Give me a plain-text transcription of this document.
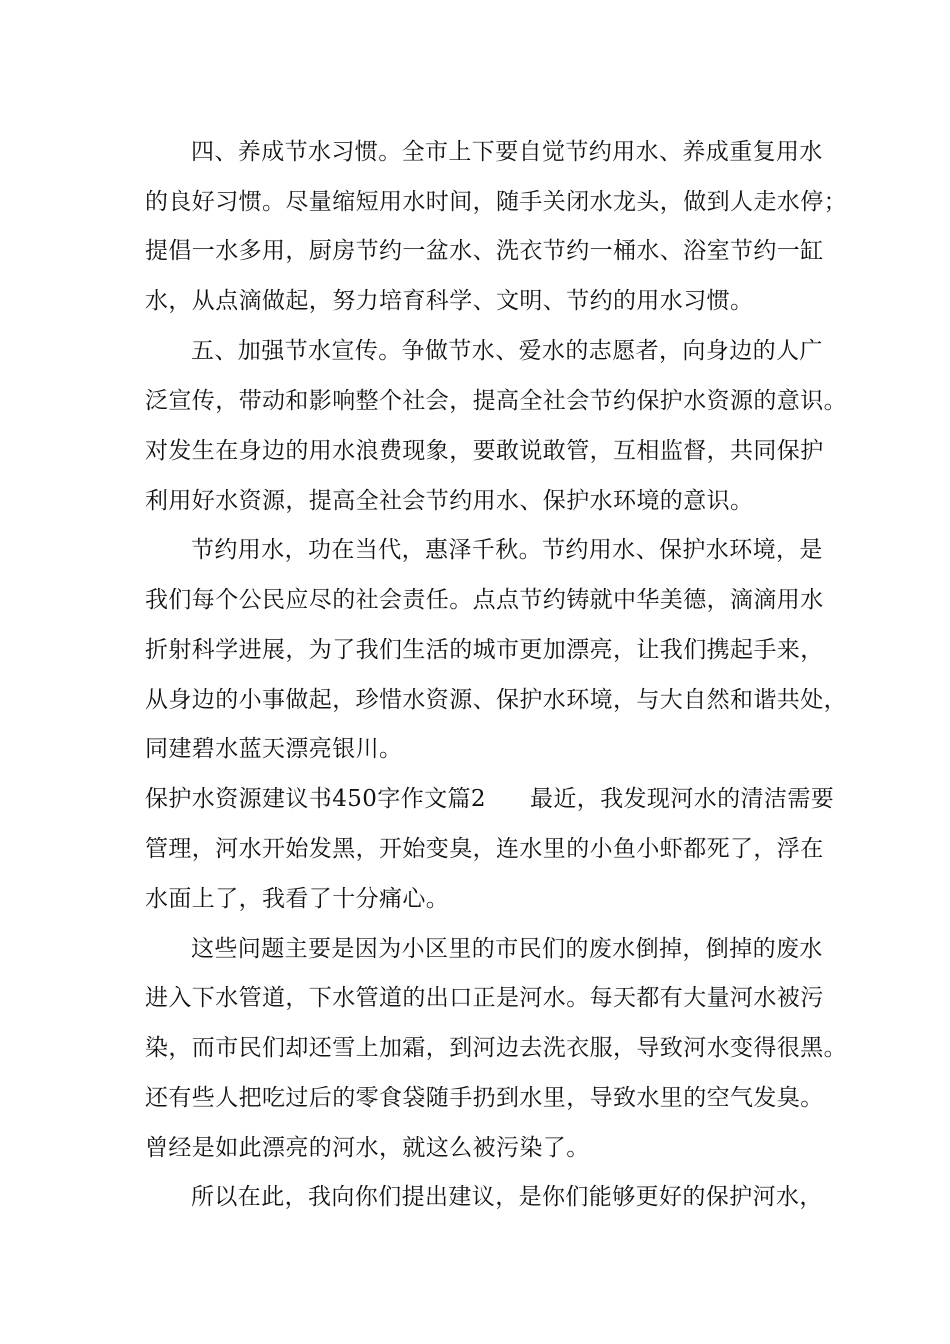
四、养成节水习惯。全市上下要自觉节约用水、养成重复用水

的良好习惯。尽量缩短用水时间，随手关闭水龙头，做到人走水停；

提倡一水多用，厨房节约一盆水、洗衣节约一桶水、浴室节约一缸

水，从点滴做起，努力培育科学、文明、节约的用水习惯。

五、加强节水宣传。争做节水、爱水的志愿者，向身边的人广

泛宣传，带动和影响整个社会，提高全社会节约保护水资源的意识。

对发生在身边的用水浪费现象，要敢说敢管，互相监督，共同保护

利用好水资源，提高全社会节约用水、保护水环境的意识。

节约用水，功在当代，惠泽千秋。节约用水、保护水环境，是

我们每个公民应尽的社会责任。点点节约铸就中华美德，滴滴用水

折射科学进展，为了我们生活的城市更加漂亮，让我们携起手来，

从身边的小事做起，珍惜水资源、保护水环境，与大自然和谐共处，

同建碧水蓝天漂亮银川。

保护水资源建议书450字作文篇2 最近，我发现河水的清洁需要

管理，河水开始发黑，开始变臭，连水里的小鱼小虾都死了，浮在

水面上了，我看了十分痛心。

这些问题主要是因为小区里的市民们的废水倒掉，倒掉的废水

进入下水管道，下水管道的出口正是河水。每天都有大量河水被污

染，而市民们却还雪上加霜，到河边去洗衣服，导致河水变得很黑。

还有些人把吃过后的零食袋随手扔到水里，导致水里的空气发臭。

曾经是如此漂亮的河水，就这么被污染了。

所以在此，我向你们提出建议，是你们能够更好的保护河水，
